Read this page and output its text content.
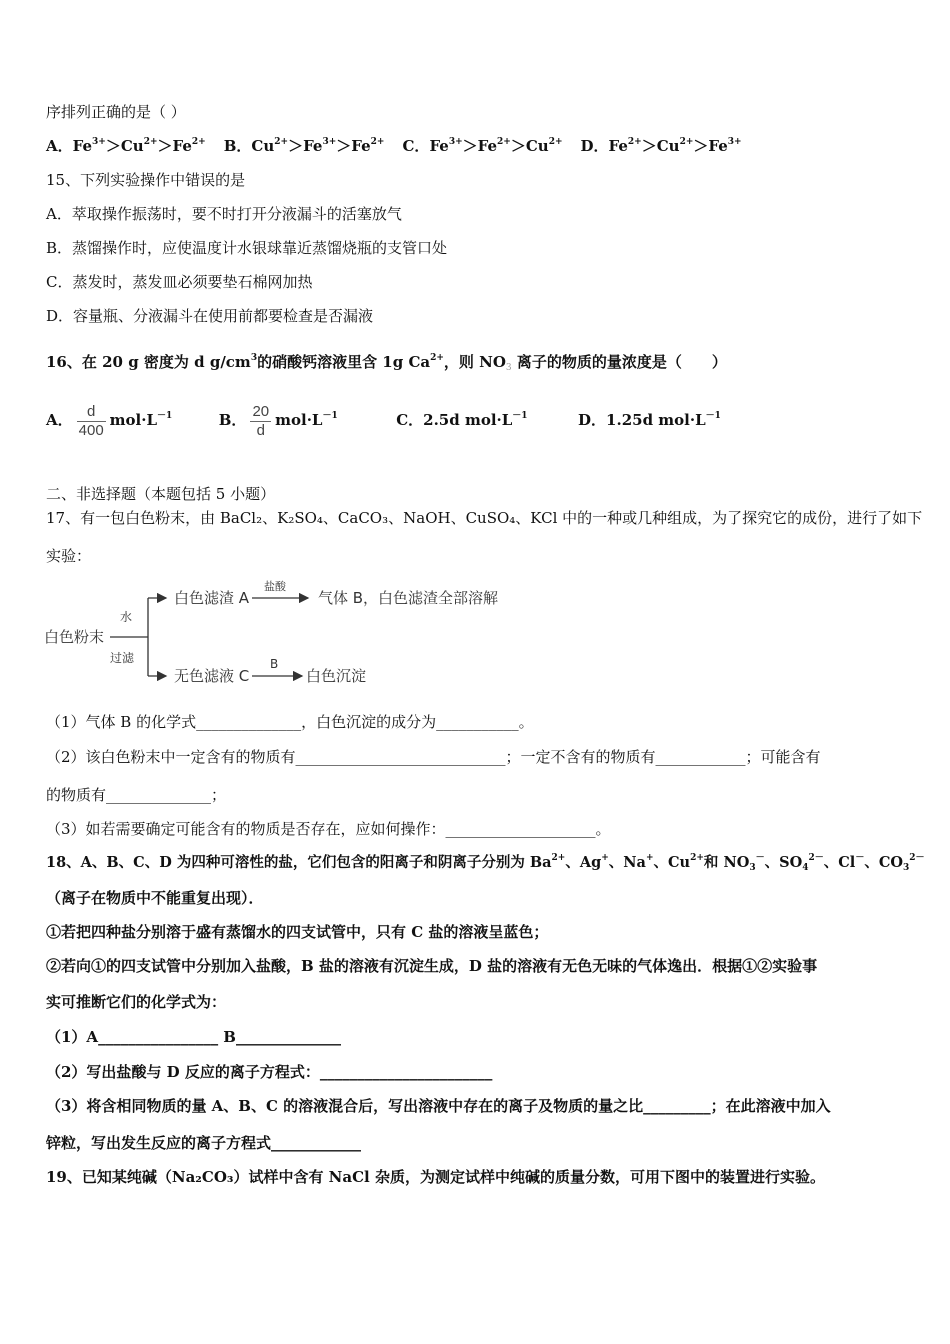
序排列正确的是（ ）
A．$Fe^{3+}>Cu^{2+}>Fe^{2+}$ B．$Cu^{2+}>Fe^{3+}>Fe^{2+}$ C．$Fe^{3+}>Fe^{2+}>Cu^{2+}$ D．$Fe^{2+}>Cu^{2+}>Fe^{3+}$
15、下列实验操作中错误的是
A．萃取操作振荡时，要不时打开分液漏斗的活塞放气
B．蒸馏操作时，应使温度计水银球靠近蒸馏烧瓶的支管口处
C．蒸发时，蒸发皿必须要垫石棉网加热
D．容量瓶、分液漏斗在使用前都要检查是否漏液
16、在 20 g 密度为 d $g/cm^3$的硝酸钙溶液里含 1g $Ca^{2+}$，则 $NO_3$ 离子的物质的量浓度是（　　）
A． $\frac{d}{400} mol\cdot L^{-1}$	B． $\frac{20}{d} mol\cdot L^{-1}$	C．2.5d $mol\cdot L^{-1}$	D．1.25d $mol\cdot L^{-1}$
二、非选择题（本题包括 5 小题）
17、有一包白色粉末，由 BaCl₂、K₂SO₄、CaCO₃、NaOH、CuSO₄、KCl 中的一种或几种组成，为了探究它的成份，进行了如下
实验：
白色粉末
水
过滤
白色滤渣 A
盐酸
气体 B，白色滤渣全部溶解
无色滤液 C
B
白色沉淀
（1）气体 B 的化学式______________，白色沉淀的成分为___________。
（2）该白色粉末中一定含有的物质有____________________________；一定不含有的物质有____________；可能含有
的物质有______________；
（3）如若需要确定可能含有的物质是否存在，应如何操作：____________________。
18、A、B、C、D 为四种可溶性的盐，它们包含的阳离子和阴离子分别为 $Ba^{2+}$、Ag+、Na+、$Cu^{2+}$和 $NO_3^-$、$SO_4^{2-}$、Cl－、$CO_3^{2-}$
（离子在物质中不能重复出现）．
①若把四种盐分别溶于盛有蒸馏水的四支试管中，只有 C 盐的溶液呈蓝色；
②若向①的四支试管中分别加入盐酸，B 盐的溶液有沉淀生成，D 盐的溶液有无色无味的气体逸出．根据①②实验事
实可推断它们的化学式为：
（1）A________________ B______________
（2）写出盐酸与 D 反应的离子方程式：_______________________
（3）将含相同物质的量 A、B、C 的溶液混合后，写出溶液中存在的离子及物质的量之比_________；在此溶液中加入
锌粒，写出发生反应的离子方程式____________
19、已知某纯碱（Na₂CO₃）试样中含有 NaCl 杂质，为测定试样中纯碱的质量分数，可用下图中的装置进行实验。
